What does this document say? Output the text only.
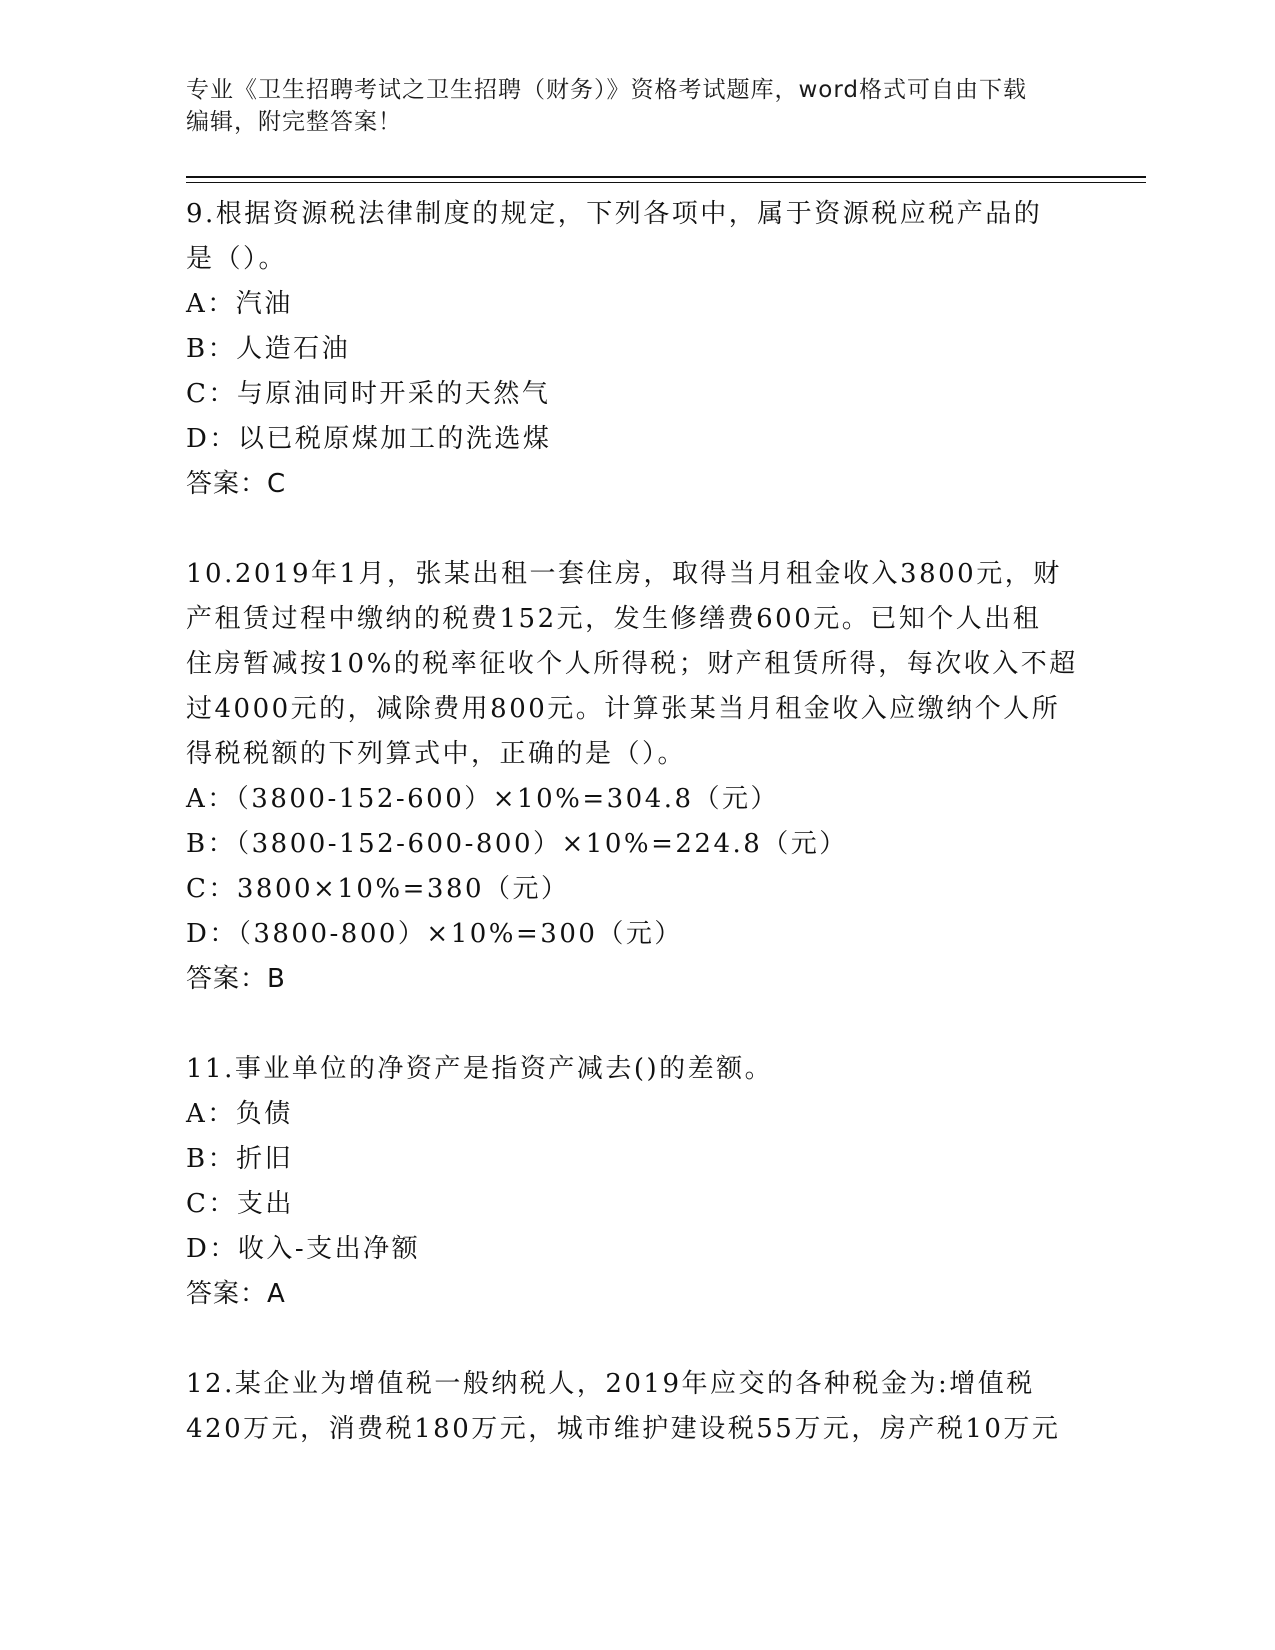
专业《卫生招聘考试之卫生招聘（财务）》资格考试题库，word格式可自由下载
编辑，附完整答案！

9.根据资源税法律制度的规定，下列各项中，属于资源税应税产品的

是（）。

A：汽油

B：人造石油

C：与原油同时开采的天然气

D：以已税原煤加工的洗选煤

答案：C

10.2019年1月，张某出租一套住房，取得当月租金收入3800元，财

产租赁过程中缴纳的税费152元，发生修缮费600元。已知个人出租

住房暂减按10%的税率征收个人所得税；财产租赁所得，每次收入不超

过4000元的，减除费用800元。计算张某当月租金收入应缴纳个人所

得税税额的下列算式中，正确的是（）。

A：（3800-152-600）×10%=304.8（元）

B：（3800-152-600-800）×10%=224.8（元）

C：3800×10%=380（元）

D：（3800-800）×10%=300（元）

答案：B

11.事业单位的净资产是指资产减去()的差额。

A：负债

B：折旧

C：支出

D：收入-支出净额

答案：A

12.某企业为增值税一般纳税人，2019年应交的各种税金为:增值税

420万元，消费税180万元，城市维护建设税55万元，房产税10万元
